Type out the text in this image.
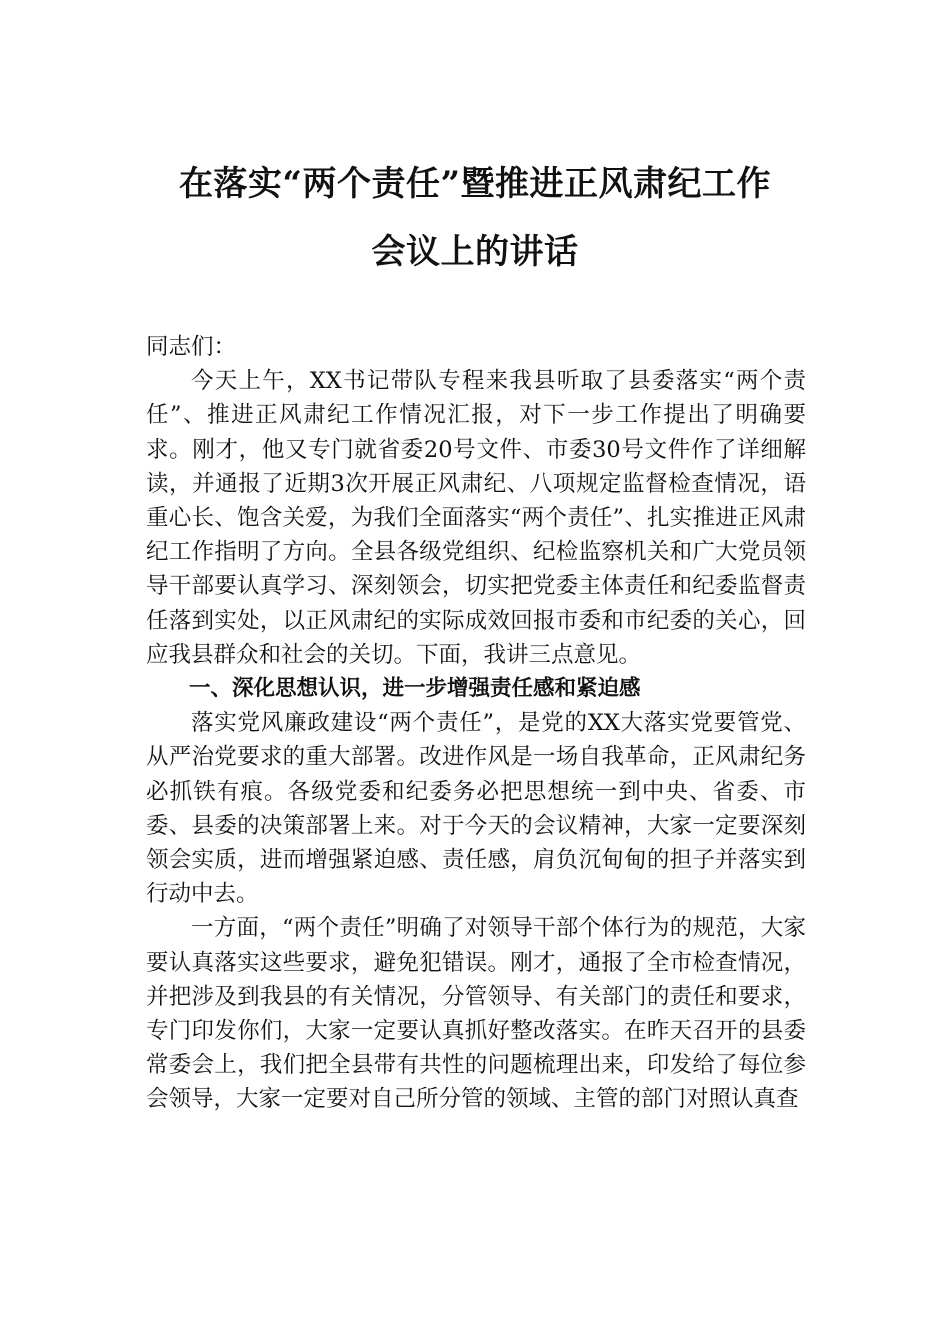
在落实“两个责任”暨推进正风肃纪工作
会议上的讲话

同志们：

今天上午，XX书记带队专程来我县听取了县委落实“两个责任”、推进正风肃纪工作情况汇报，对下一步工作提出了明确要求。刚才，他又专门就省委20号文件、市委30号文件作了详细解读，并通报了近期3次开展正风肃纪、八项规定监督检查情况，语重心长、饱含关爱，为我们全面落实“两个责任”、扎实推进正风肃纪工作指明了方向。全县各级党组织、纪检监察机关和广大党员领导干部要认真学习、深刻领会，切实把党委主体责任和纪委监督责任落到实处，以正风肃纪的实际成效回报市委和市纪委的关心，回应我县群众和社会的关切。下面，我讲三点意见。

一、深化思想认识，进一步增强责任感和紧迫感

落实党风廉政建设“两个责任”，是党的XX大落实党要管党、从严治党要求的重大部署。改进作风是一场自我革命，正风肃纪务必抓铁有痕。各级党委和纪委务必把思想统一到中央、省委、市委、县委的决策部署上来。对于今天的会议精神，大家一定要深刻领会实质，进而增强紧迫感、责任感，肩负沉甸甸的担子并落实到行动中去。

一方面，“两个责任”明确了对领导干部个体行为的规范，大家要认真落实这些要求，避免犯错误。刚才，通报了全市检查情况，并把涉及到我县的有关情况，分管领导、有关部门的责任和要求，专门印发你们，大家一定要认真抓好整改落实。在昨天召开的县委常委会上，我们把全县带有共性的问题梳理出来，印发给了每位参会领导，大家一定要对自己所分管的领域、主管的部门对照认真查
